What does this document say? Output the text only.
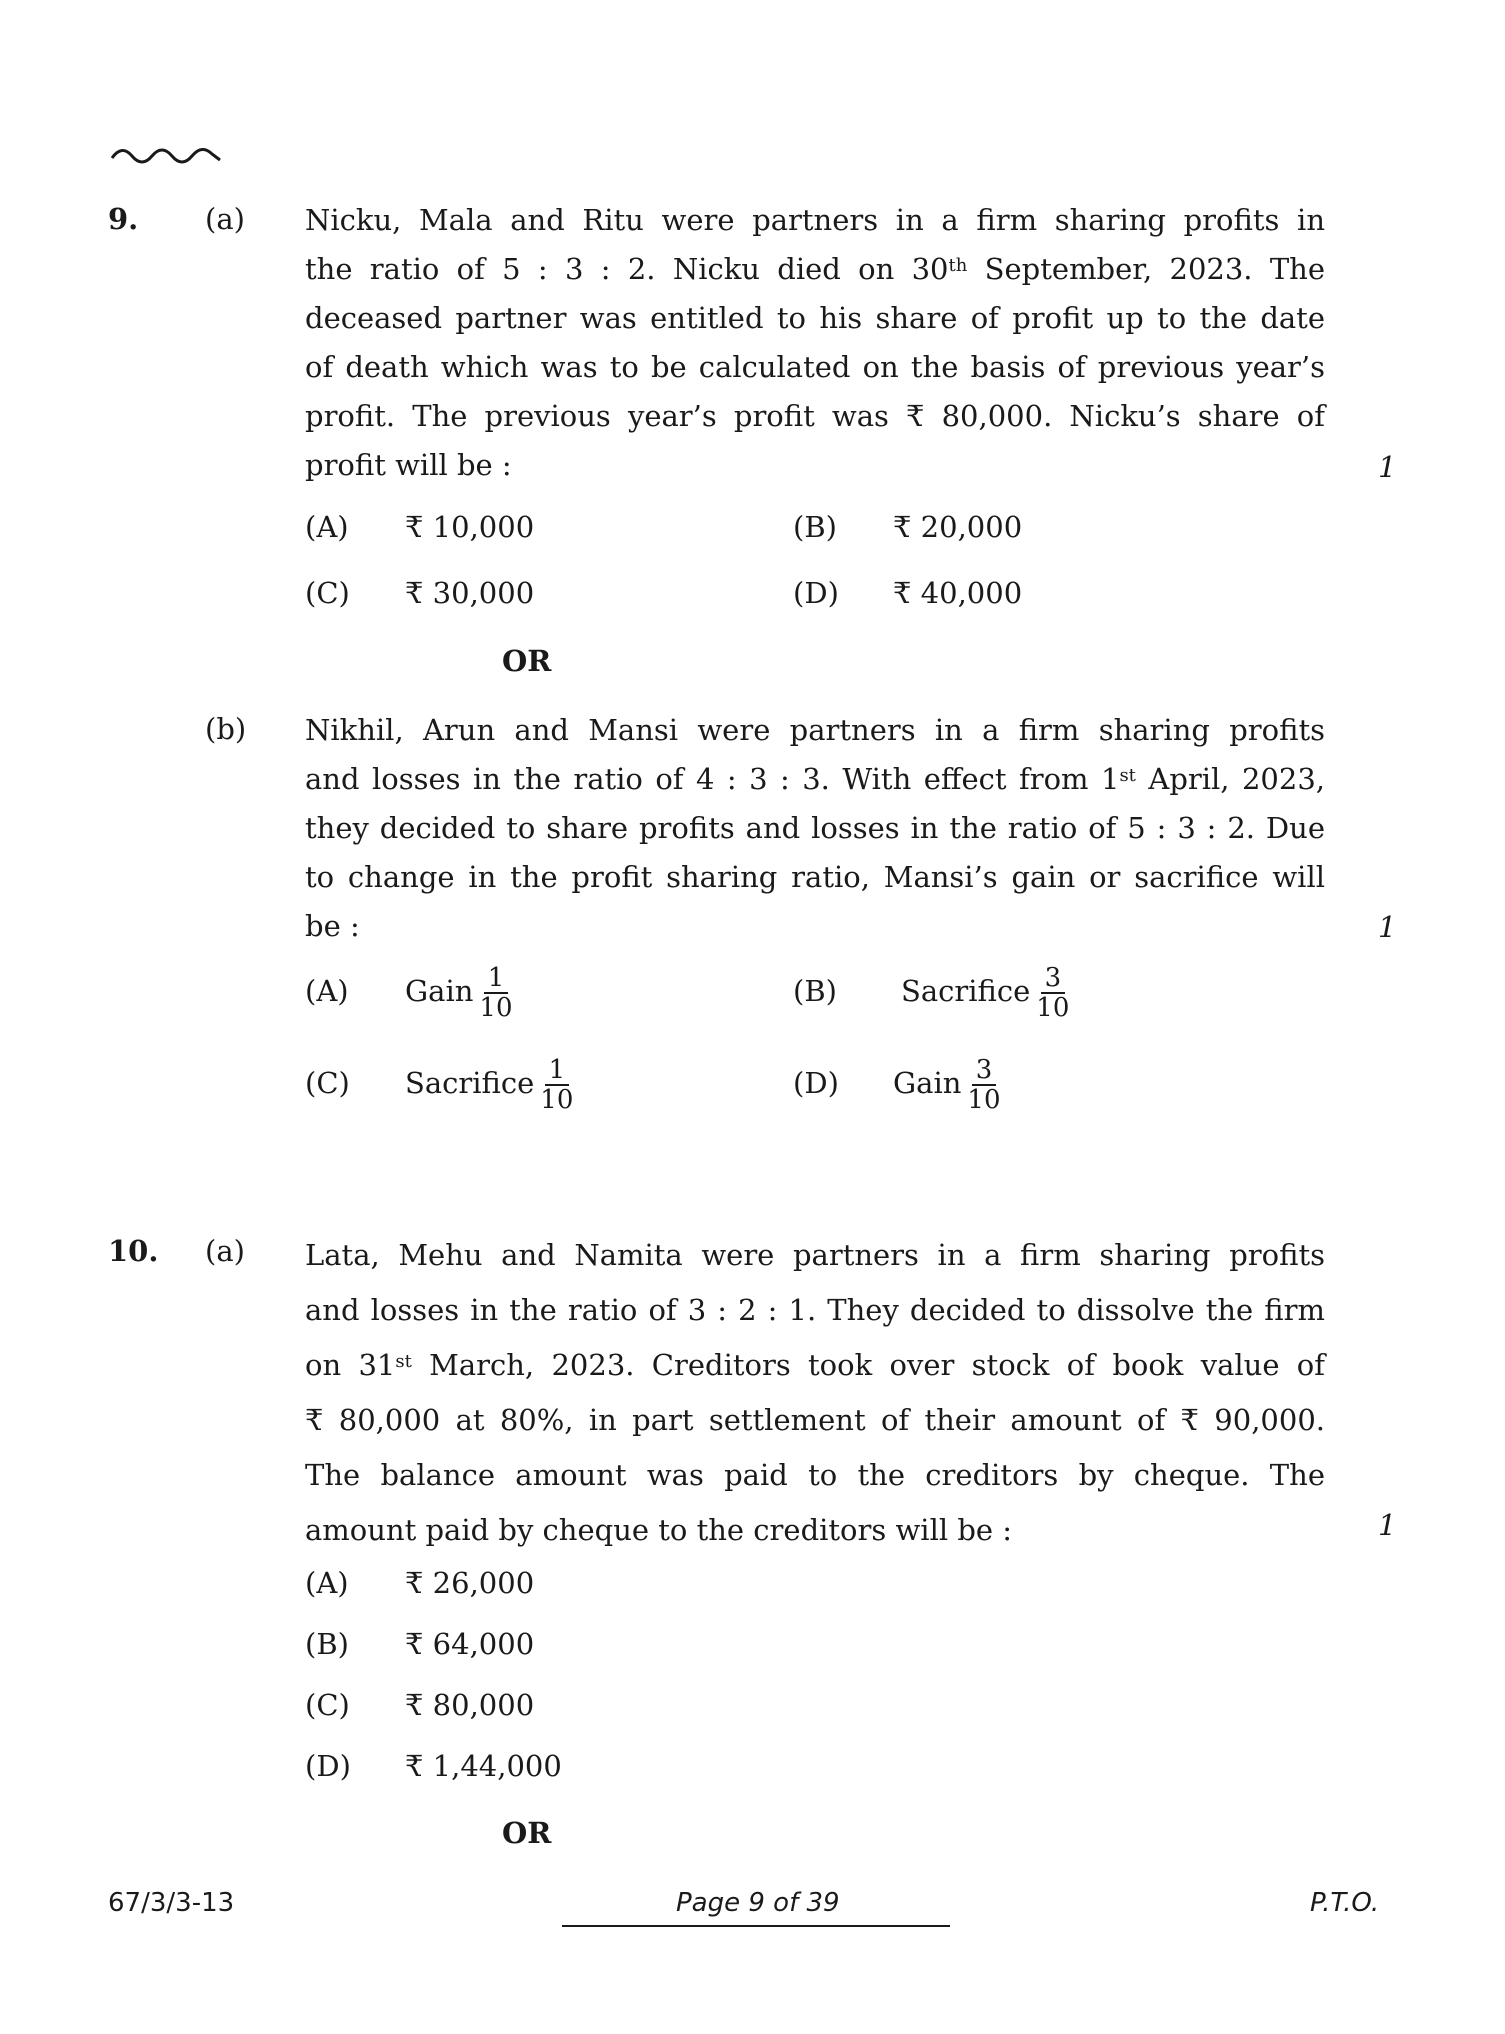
9. (a) Nicku, Mala and Ritu were partners in a firm sharing profits in
the ratio of 5 : 3 : 2. Nicku died on 30th September, 2023. The
deceased partner was entitled to his share of profit up to the date
of death which was to be calculated on the basis of previous year’s
profit. The previous year’s profit was ₹ 80,000. Nicku’s share of
profit will be :	1
(A) ₹ 10,000	(B) ₹ 20,000
(C) ₹ 30,000	(D) ₹ 40,000
OR
(b) Nikhil, Arun and Mansi were partners in a firm sharing profits
and losses in the ratio of 4 : 3 : 3. With effect from 1st April, 2023,
they decided to share profits and losses in the ratio of 5 : 3 : 2. Due
to change in the profit sharing ratio, Mansi’s gain or sacrifice will
be :	1
(A) Gain $\frac{1}{10}$	(B) Sacrifice $\frac{3}{10}$
(C) Sacrifice $\frac{1}{10}$	(D) Gain $\frac{3}{10}$
10. (a) Lata, Mehu and Namita were partners in a firm sharing profits
and losses in the ratio of 3 : 2 : 1. They decided to dissolve the firm
on 31st March, 2023. Creditors took over stock of book value of
₹ 80,000 at 80%, in part settlement of their amount of ₹ 90,000.
The balance amount was paid to the creditors by cheque. The
amount paid by cheque to the creditors will be :	1
(A) ₹ 26,000
(B) ₹ 64,000
(C) ₹ 80,000
(D) ₹ 1,44,000
OR
67/3/3-13	Page 9 of 39	P.T.O.
